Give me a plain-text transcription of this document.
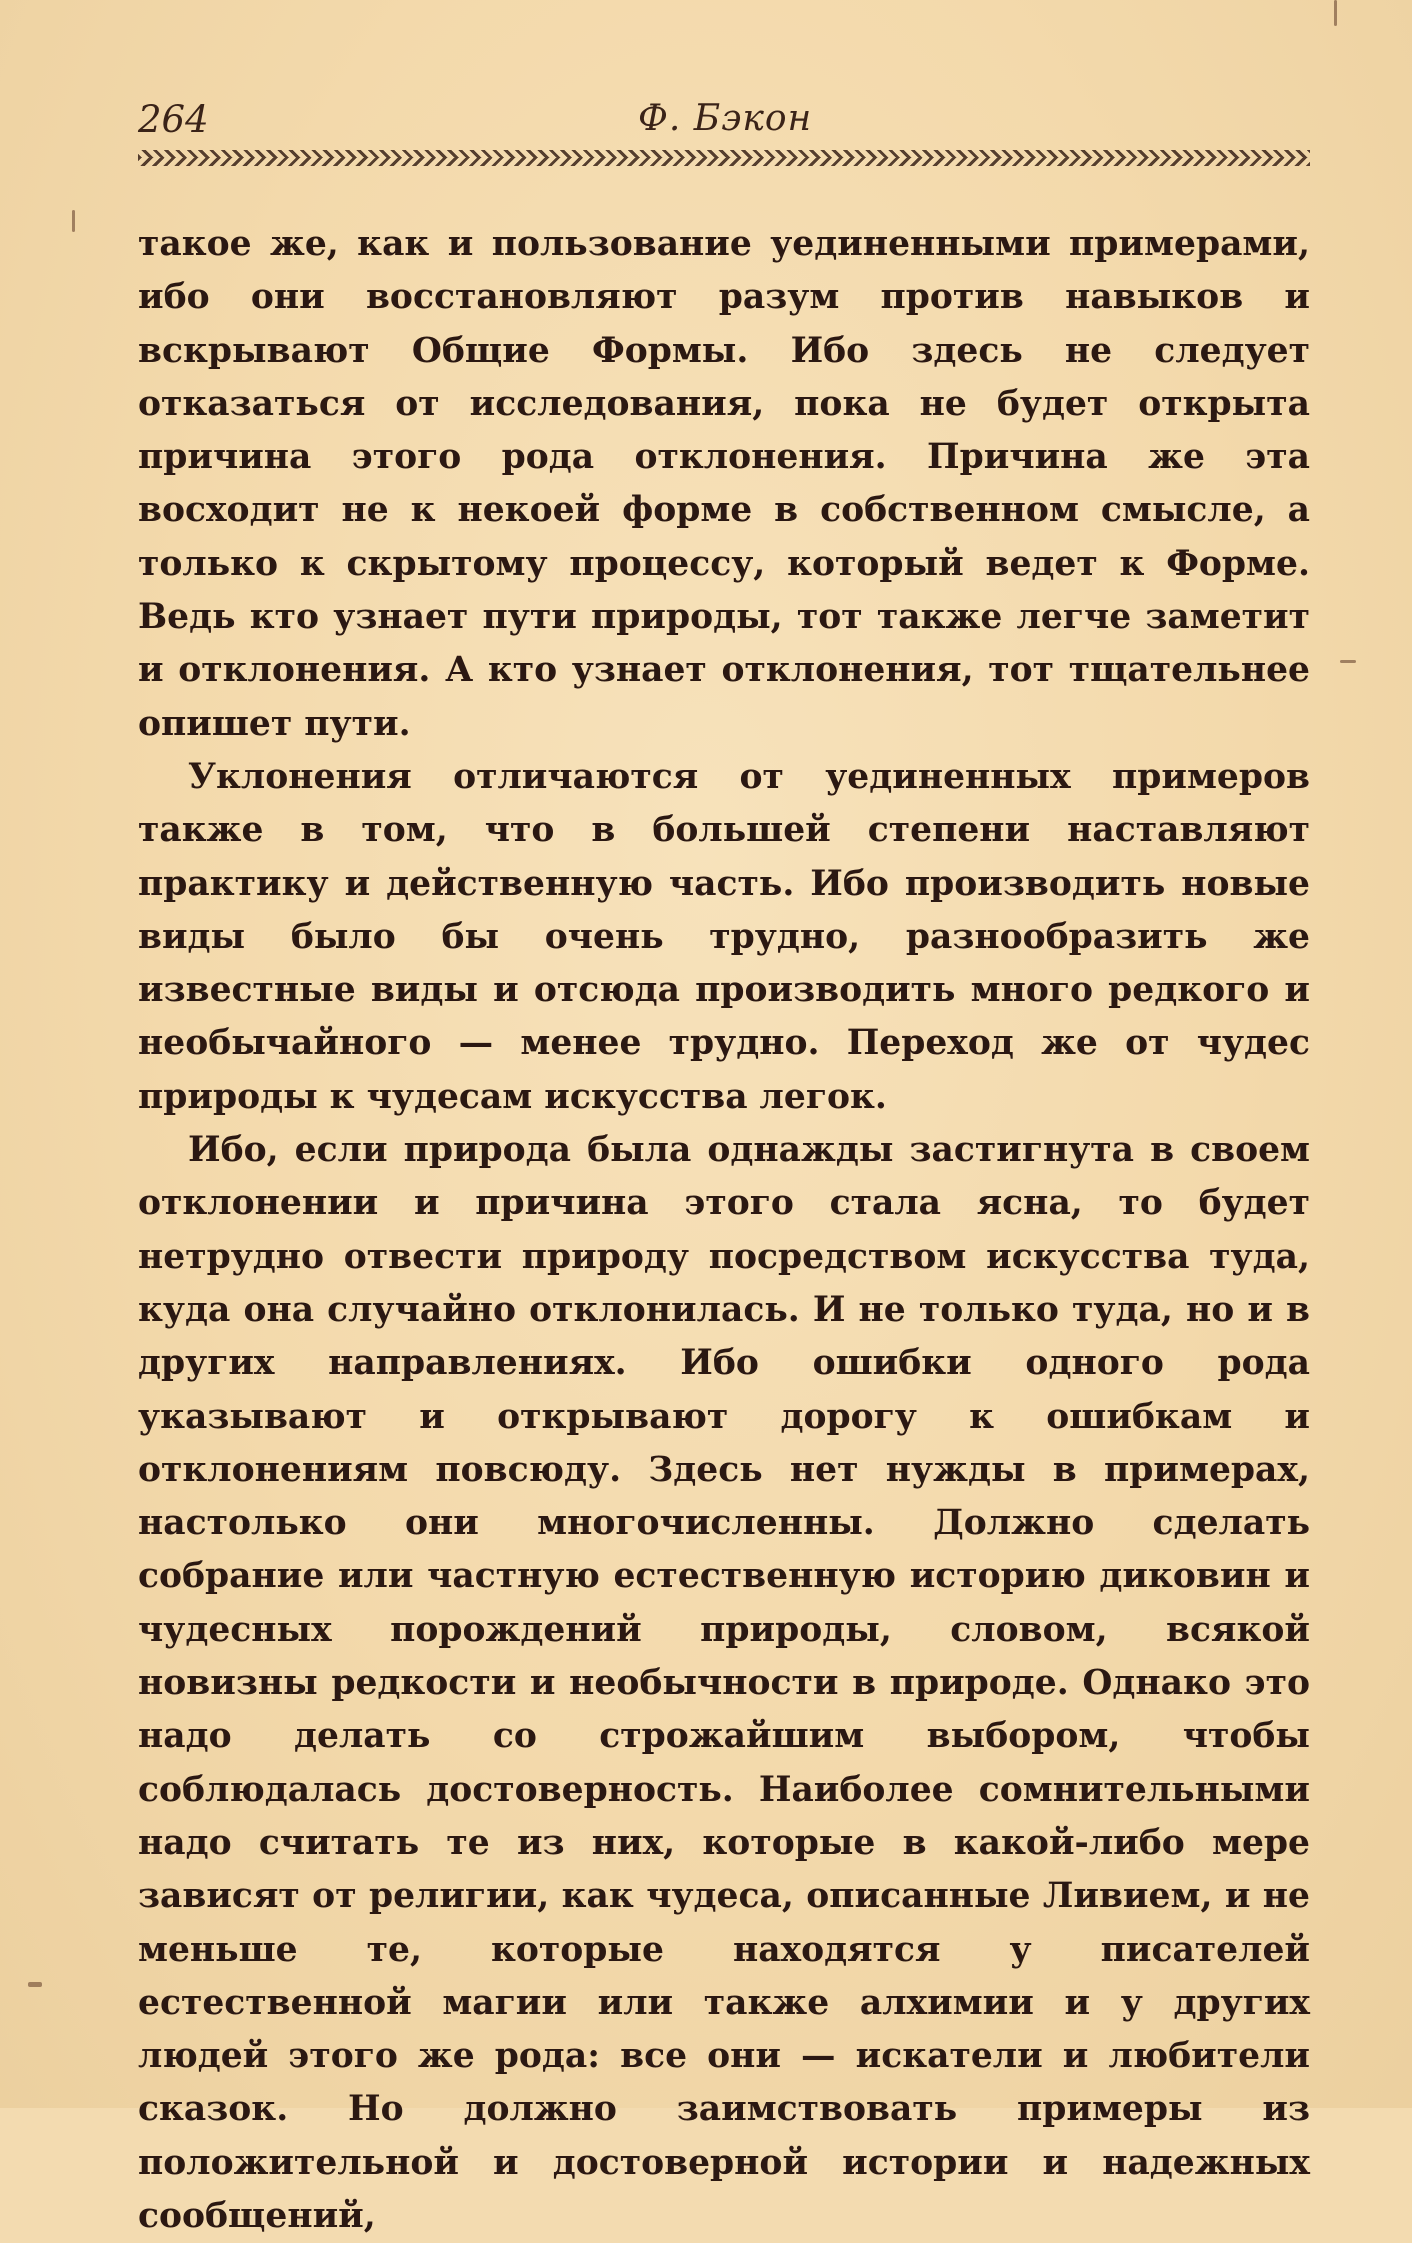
264	Ф. Бэкон

такое же, как и пользование уединенными примерами, ибо они восстановляют разум против навыков и вскрывают Общие Формы. Ибо здесь не следует отказаться от исследования, пока не будет открыта причина этого рода отклонения. Причина же эта восходит не к некоей форме в собственном смысле, а только к скрытому процессу, который ведет к Форме. Ведь кто узнает пути природы, тот также легче заметит и отклонения. А кто узнает отклонения, тот тщательнее опишет пути.

Уклонения отличаются от уединенных примеров также в том, что в большей степени наставляют практику и действенную часть. Ибо производить новые виды было бы очень трудно, разнообразить же известные виды и отсюда производить много редкого и необычайного — менее трудно. Переход же от чудес природы к чудесам искусства легок.

Ибо, если природа была однажды застигнута в своем отклонении и причина этого стала ясна, то будет нетрудно отвести природу посредством искусства туда, куда она случайно отклонилась. И не только туда, но и в других направлениях. Ибо ошибки одного рода указывают и открывают дорогу к ошибкам и отклонениям повсюду. Здесь нет нужды в примерах, настолько они многочисленны. Должно сделать собрание или частную естественную историю диковин и чудесных порождений природы, словом, всякой новизны редкости и необычности в природе. Однако это надо делать со строжайшим выбором, чтобы соблюдалась достоверность. Наиболее сомнительными надо считать те из них, которые в какой-либо мере зависят от религии, как чудеса, описанные Ливием, и не меньше те, которые находятся у писателей естественной магии или также алхимии и у других людей этого же рода: все они — искатели и любители сказок. Но должно заимствовать примеры из положительной и достоверной истории и надежных сообщений,
